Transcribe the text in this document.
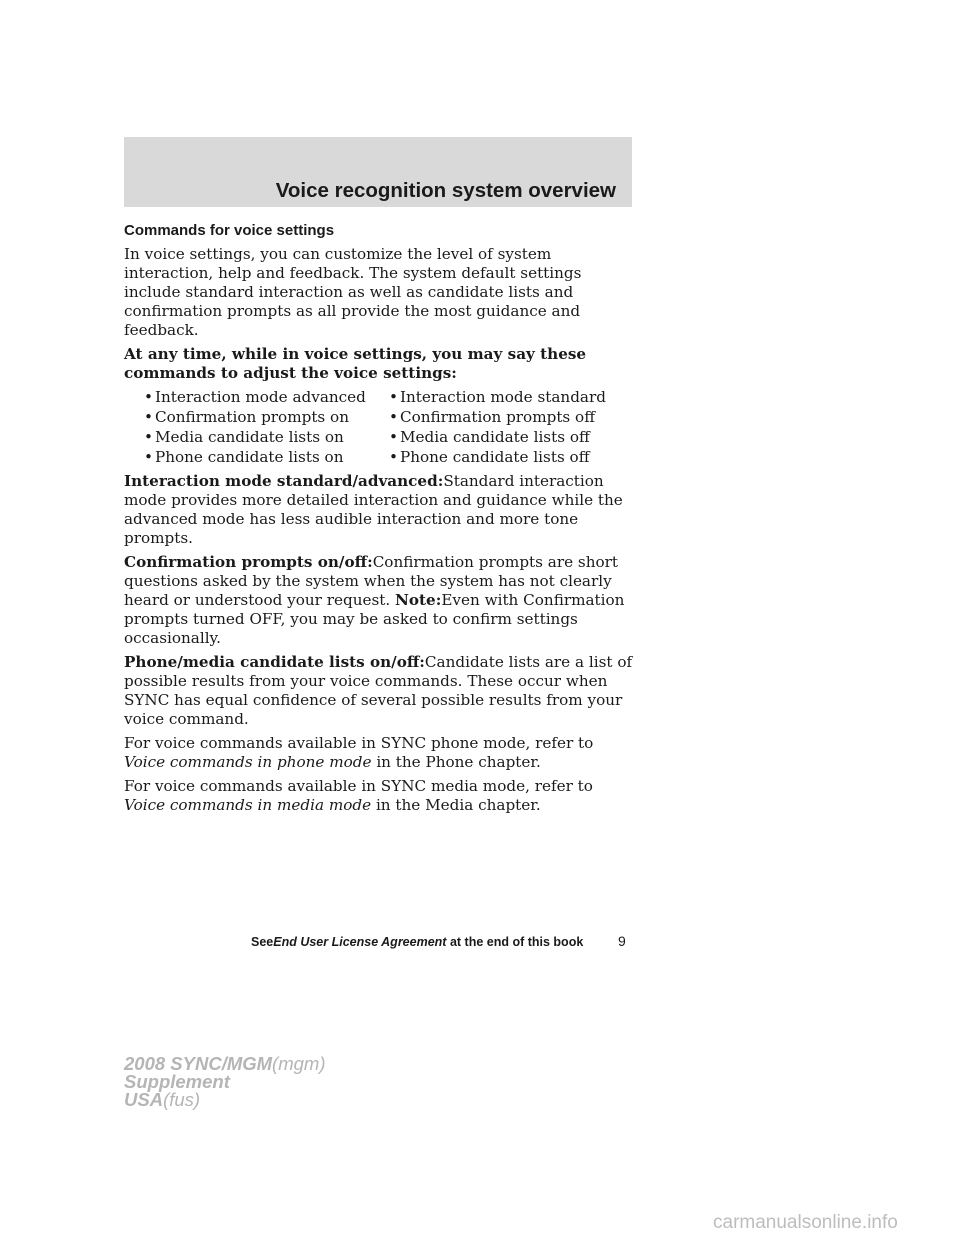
Voice recognition system overview
Commands for voice settings

In voice settings, you can customize the level of system interaction, help and feedback. The system default settings include standard interaction as well as candidate lists and confirmation prompts as all provide the most guidance and feedback.

At any time, while in voice settings, you may say these commands to adjust the voice settings:

• Interaction mode advanced	• Interaction mode standard
• Confirmation prompts on	• Confirmation prompts off
• Media candidate lists on	• Media candidate lists off
• Phone candidate lists on	• Phone candidate lists off

Interaction mode standard/advanced:Standard interaction mode provides more detailed interaction and guidance while the advanced mode has less audible interaction and more tone prompts.

Confirmation prompts on/off:Confirmation prompts are short questions asked by the system when the system has not clearly heard or understood your request. Note:Even with Confirmation prompts turned OFF, you may be asked to confirm settings occasionally.

Phone/media candidate lists on/off:Candidate lists are a list of possible results from your voice commands. These occur when SYNC has equal confidence of several possible results from your voice command.

For voice commands available in SYNC phone mode, refer to Voice commands in phone mode in the Phone chapter.

For voice commands available in SYNC media mode, refer to Voice commands in media mode in the Media chapter.

SeeEnd User License Agreement at the end of this book 9
2008 SYNC/MGM(mgm)
Supplement
USA(fus)
carmanualsonline.info
